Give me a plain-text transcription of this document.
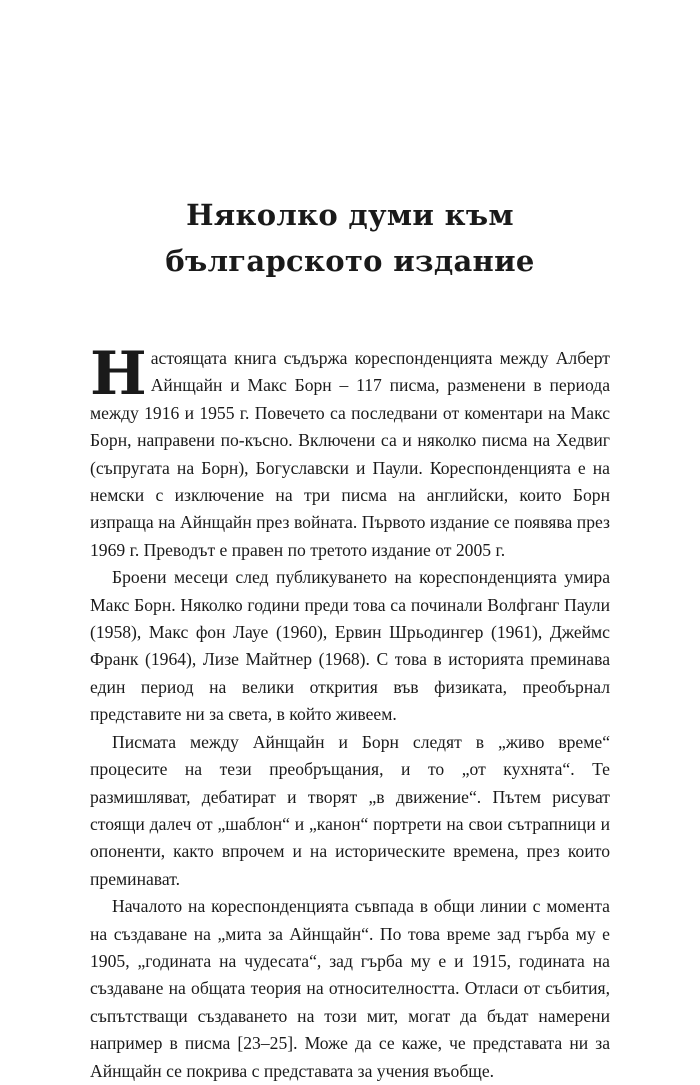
Няколко думи към
българското издание

Настоящата книга съдържа кореспонденцията между Алберт Айнщайн и Макс Борн – 117 писма, разменени в периода между 1916 и 1955 г. Повечето са последвани от коментари на Макс Борн, направени по-късно. Включени са и няколко писма на Хедвиг (съпругата на Борн), Богуславски и Паули. Кореспонденцията е на немски с изключение на три писма на английски, които Борн изпраща на Айнщайн през войната. Първото издание се появява през 1969 г. Преводът е правен по третото издание от 2005 г.

Броени месеци след публикуването на кореспонденцията умира Макс Борн. Няколко години преди това са починали Волфганг Паули (1958), Макс фон Лауе (1960), Ервин Шрьодингер (1961), Джеймс Франк (1964), Лизе Майтнер (1968). С това в историята преминава един период на велики открития във физиката, преобърнал представите ни за света, в който живеем.

Писмата между Айнщайн и Борн следят в „живо време“ процесите на тези преобръщания, и то „от кухнята“. Те размишляват, дебатират и творят „в движение“. Пътем рисуват стоящи далеч от „шаблон“ и „канон“ портрети на свои сътрапници и опоненти, както впрочем и на историческите времена, през които преминават.

Началото на кореспонденцията съвпада в общи линии с момента на създаване на „мита за Айнщайн“. По това време зад гърба му е 1905, „годината на чудесата“, зад гърба му е и 1915, годината на създаване на общата теория на относителността. Отласи от събития, съпътстващи създаването на този мит, могат да бъдат намерени например в писма [23–25]. Може да се каже, че представата ни за Айнщайн се покрива с представата за учения въобще.
